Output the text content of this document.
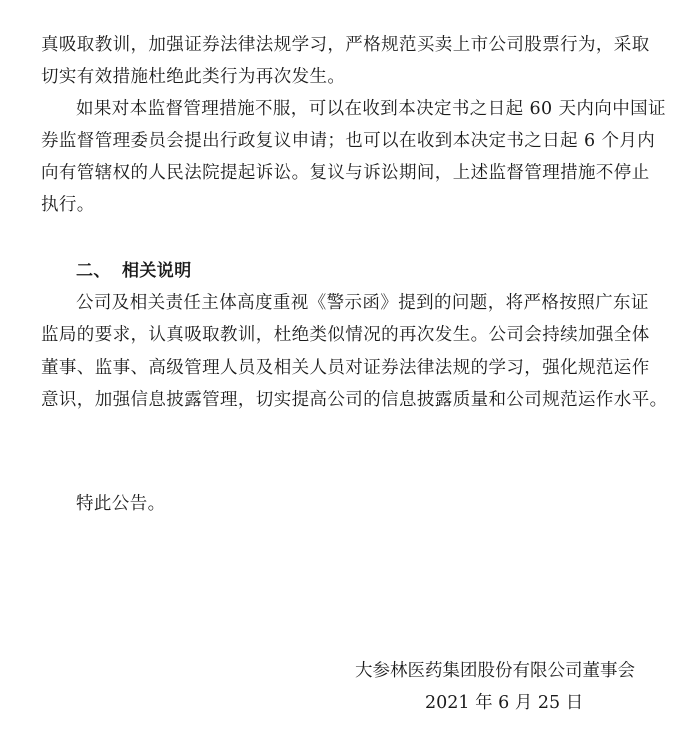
真吸取教训，加强证券法律法规学习，严格规范买卖上市公司股票行为，采取
切实有效措施杜绝此类行为再次发生。
如果对本监督管理措施不服，可以在收到本决定书之日起 60 天内向中国证
券监督管理委员会提出行政复议申请；也可以在收到本决定书之日起 6 个月内
向有管辖权的人民法院提起诉讼。复议与诉讼期间，上述监督管理措施不停止
执行。
二、 相关说明
公司及相关责任主体高度重视《警示函》提到的问题，将严格按照广东证
监局的要求，认真吸取教训，杜绝类似情况的再次发生。公司会持续加强全体
董事、监事、高级管理人员及相关人员对证券法律法规的学习，强化规范运作
意识，加强信息披露管理，切实提高公司的信息披露质量和公司规范运作水平。
特此公告。
大参林医药集团股份有限公司董事会
2021 年 6 月 25 日
